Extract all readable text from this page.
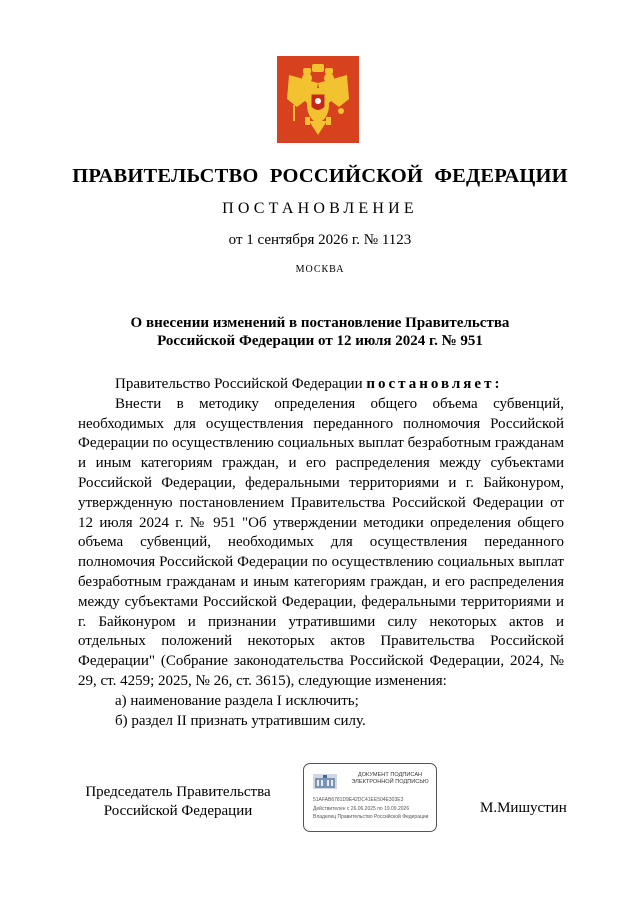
ПРАВИТЕЛЬСТВО РОССИЙСКОЙ ФЕДЕРАЦИИ
ПОСТАНОВЛЕНИЕ
от 1 сентября 2026 г. № 1123
МОСКВА
О внесении изменений в постановление Правительства
Российской Федерации от 12 июля 2024 г. № 951

Правительство Российской Федерации постановляет:

Внести в методику определения общего объема субвенций, необходимых для осуществления переданного полномочия Российской Федерации по осуществлению социальных выплат безработным гражданам и иным категориям граждан, и его распределения между субъектами Российской Федерации, федеральными территориями и г. Байконуром, утвержденную постановлением Правительства Российской Федерации от 12 июля 2024 г. № 951 "Об утверждении методики определения общего объема субвенций, необходимых для осуществления переданного полномочия Российской Федерации по осуществлению социальных выплат безработным гражданам и иным категориям граждан, и его распределения между субъектами Российской Федерации, федеральными территориями и г. Байконуром и признании утратившими силу некоторых актов и отдельных положений некоторых актов Правительства Российской Федерации" (Собрание законодательства Российской Федерации, 2024, № 29, ст. 4259; 2025, № 26, ст. 3615), следующие изменения:

а) наименование раздела I исключить;

б) раздел II признать утратившим силу.

Председатель Правительства
Российской Федерации
ДОКУМЕНТ ПОДПИСАН
ЭЛЕКТРОННОЙ ПОДПИСЬЮ
51AFAB6781D9E42DC41EE504E303E3
Действителен с 26.06.2025 по 19.09.2026
Владелец Правительство Российской Федерации
М.Мишустин
